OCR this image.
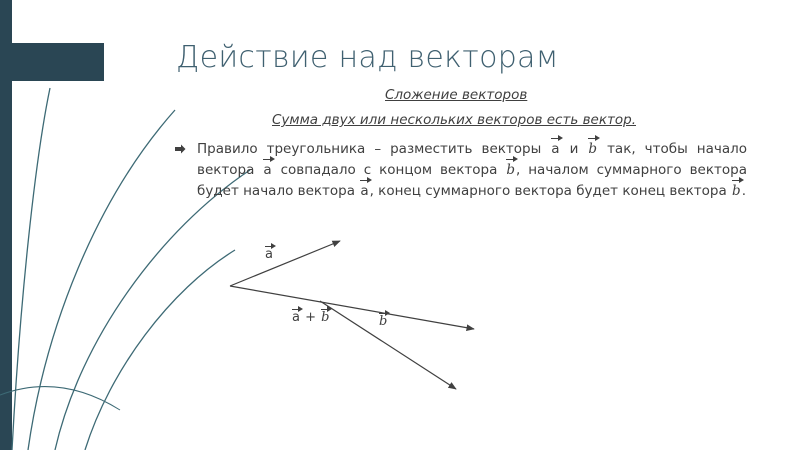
Действие над векторам
Сложение векторов
Сумма двух или нескольких векторов есть вектор.
Правило треугольника – разместить векторы a и b так, чтобы начало вектора a совпадало с концом вектора b, началом суммарного вектора будет начало вектора a, конец суммарного вектора будет конец вектора b.
a
a + b	b
